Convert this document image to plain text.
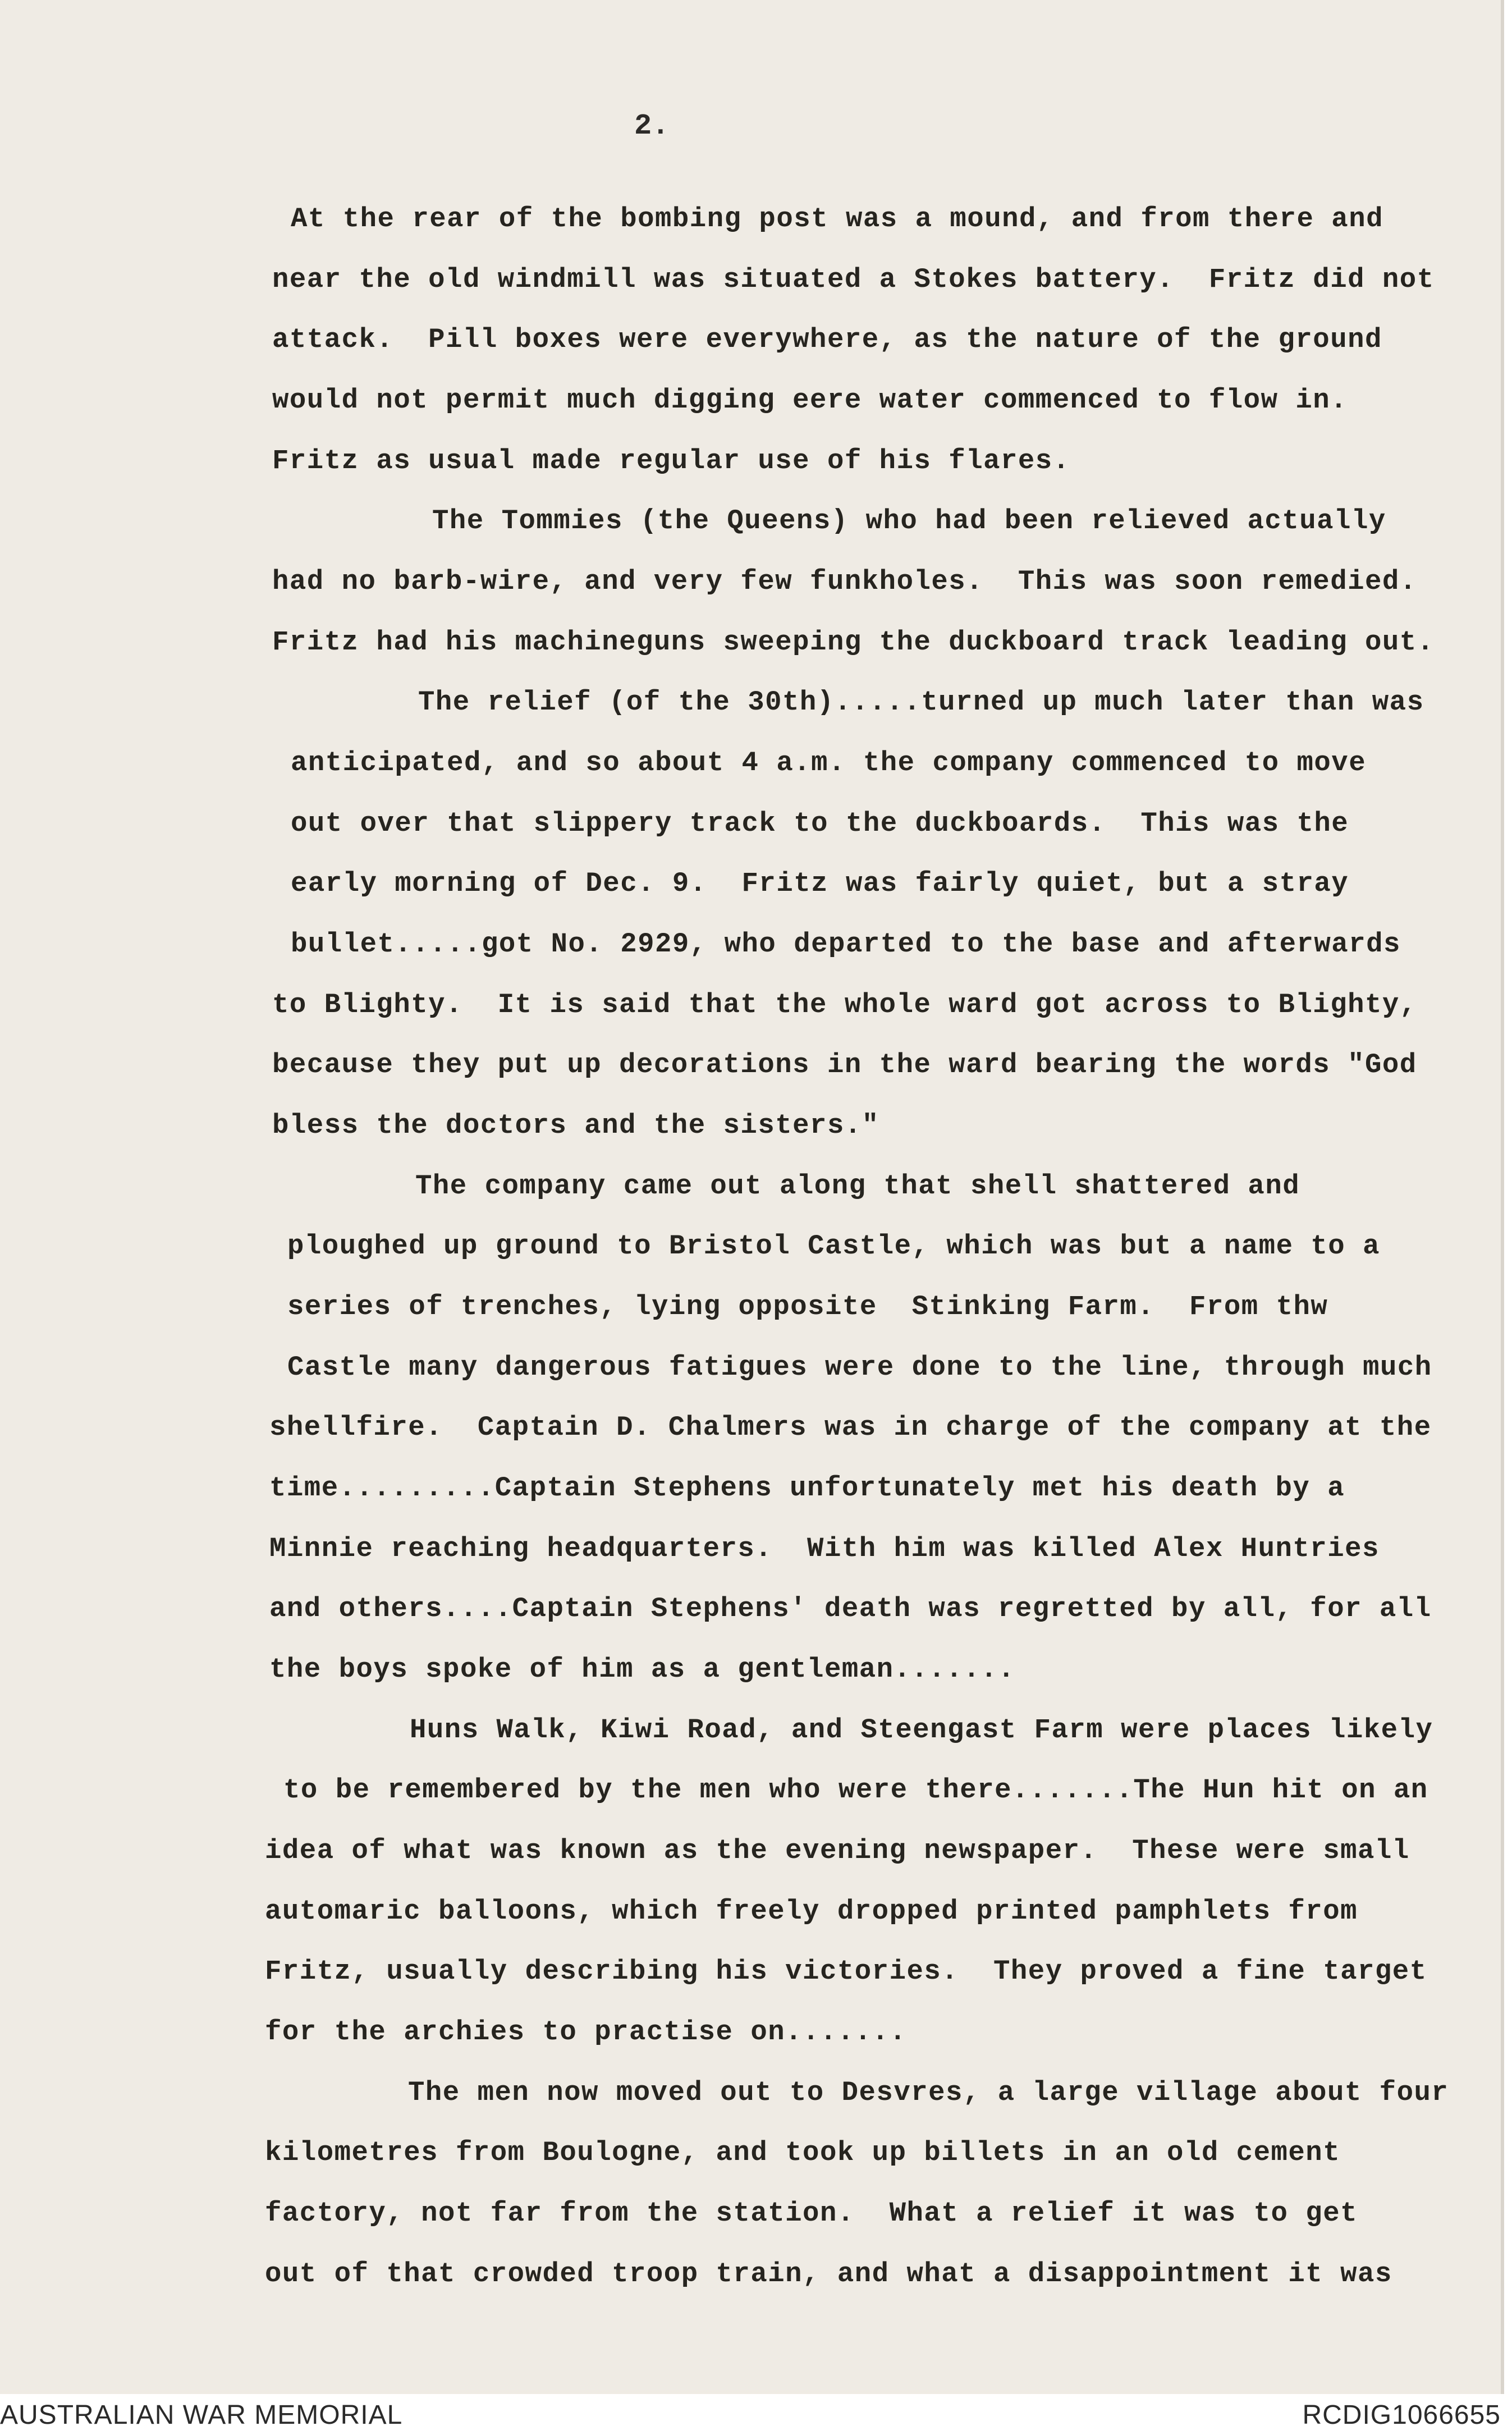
2.
At the rear of the bombing post was a mound, and from there and
near the old windmill was situated a Stokes battery.  Fritz did not
attack.  Pill boxes were everywhere, as the nature of the ground
would not permit much digging eere water commenced to flow in.
Fritz as usual made regular use of his flares.
The Tommies (the Queens) who had been relieved actually
had no barb-wire, and very few funkholes.  This was soon remedied.
Fritz had his machineguns sweeping the duckboard track leading out.
The relief (of the 30th).....turned up much later than was
anticipated, and so about 4 a.m. the company commenced to move
out over that slippery track to the duckboards.  This was the
early morning of Dec. 9.  Fritz was fairly quiet, but a stray
bullet.....got No. 2929, who departed to the base and afterwards
to Blighty.  It is said that the whole ward got across to Blighty,
because they put up decorations in the ward bearing the words "God
bless the doctors and the sisters."
The company came out along that shell shattered and
ploughed up ground to Bristol Castle, which was but a name to a
series of trenches, lying opposite  Stinking Farm.  From thw
Castle many dangerous fatigues were done to the line, through much
shellfire.  Captain D. Chalmers was in charge of the company at the
time.........Captain Stephens unfortunately met his death by a
Minnie reaching headquarters.  With him was killed Alex Huntries
and others....Captain Stephens' death was regretted by all, for all
the boys spoke of him as a gentleman.......
Huns Walk, Kiwi Road, and Steengast Farm were places likely
to be remembered by the men who were there.......The Hun hit on an
idea of what was known as the evening newspaper.  These were small
automaric balloons, which freely dropped printed pamphlets from
Fritz, usually describing his victories.  They proved a fine target
for the archies to practise on.......
The men now moved out to Desvres, a large village about four
kilometres from Boulogne, and took up billets in an old cement
factory, not far from the station.  What a relief it was to get
out of that crowded troop train, and what a disappointment it was
AUSTRALIAN WAR MEMORIAL	RCDIG1066655
